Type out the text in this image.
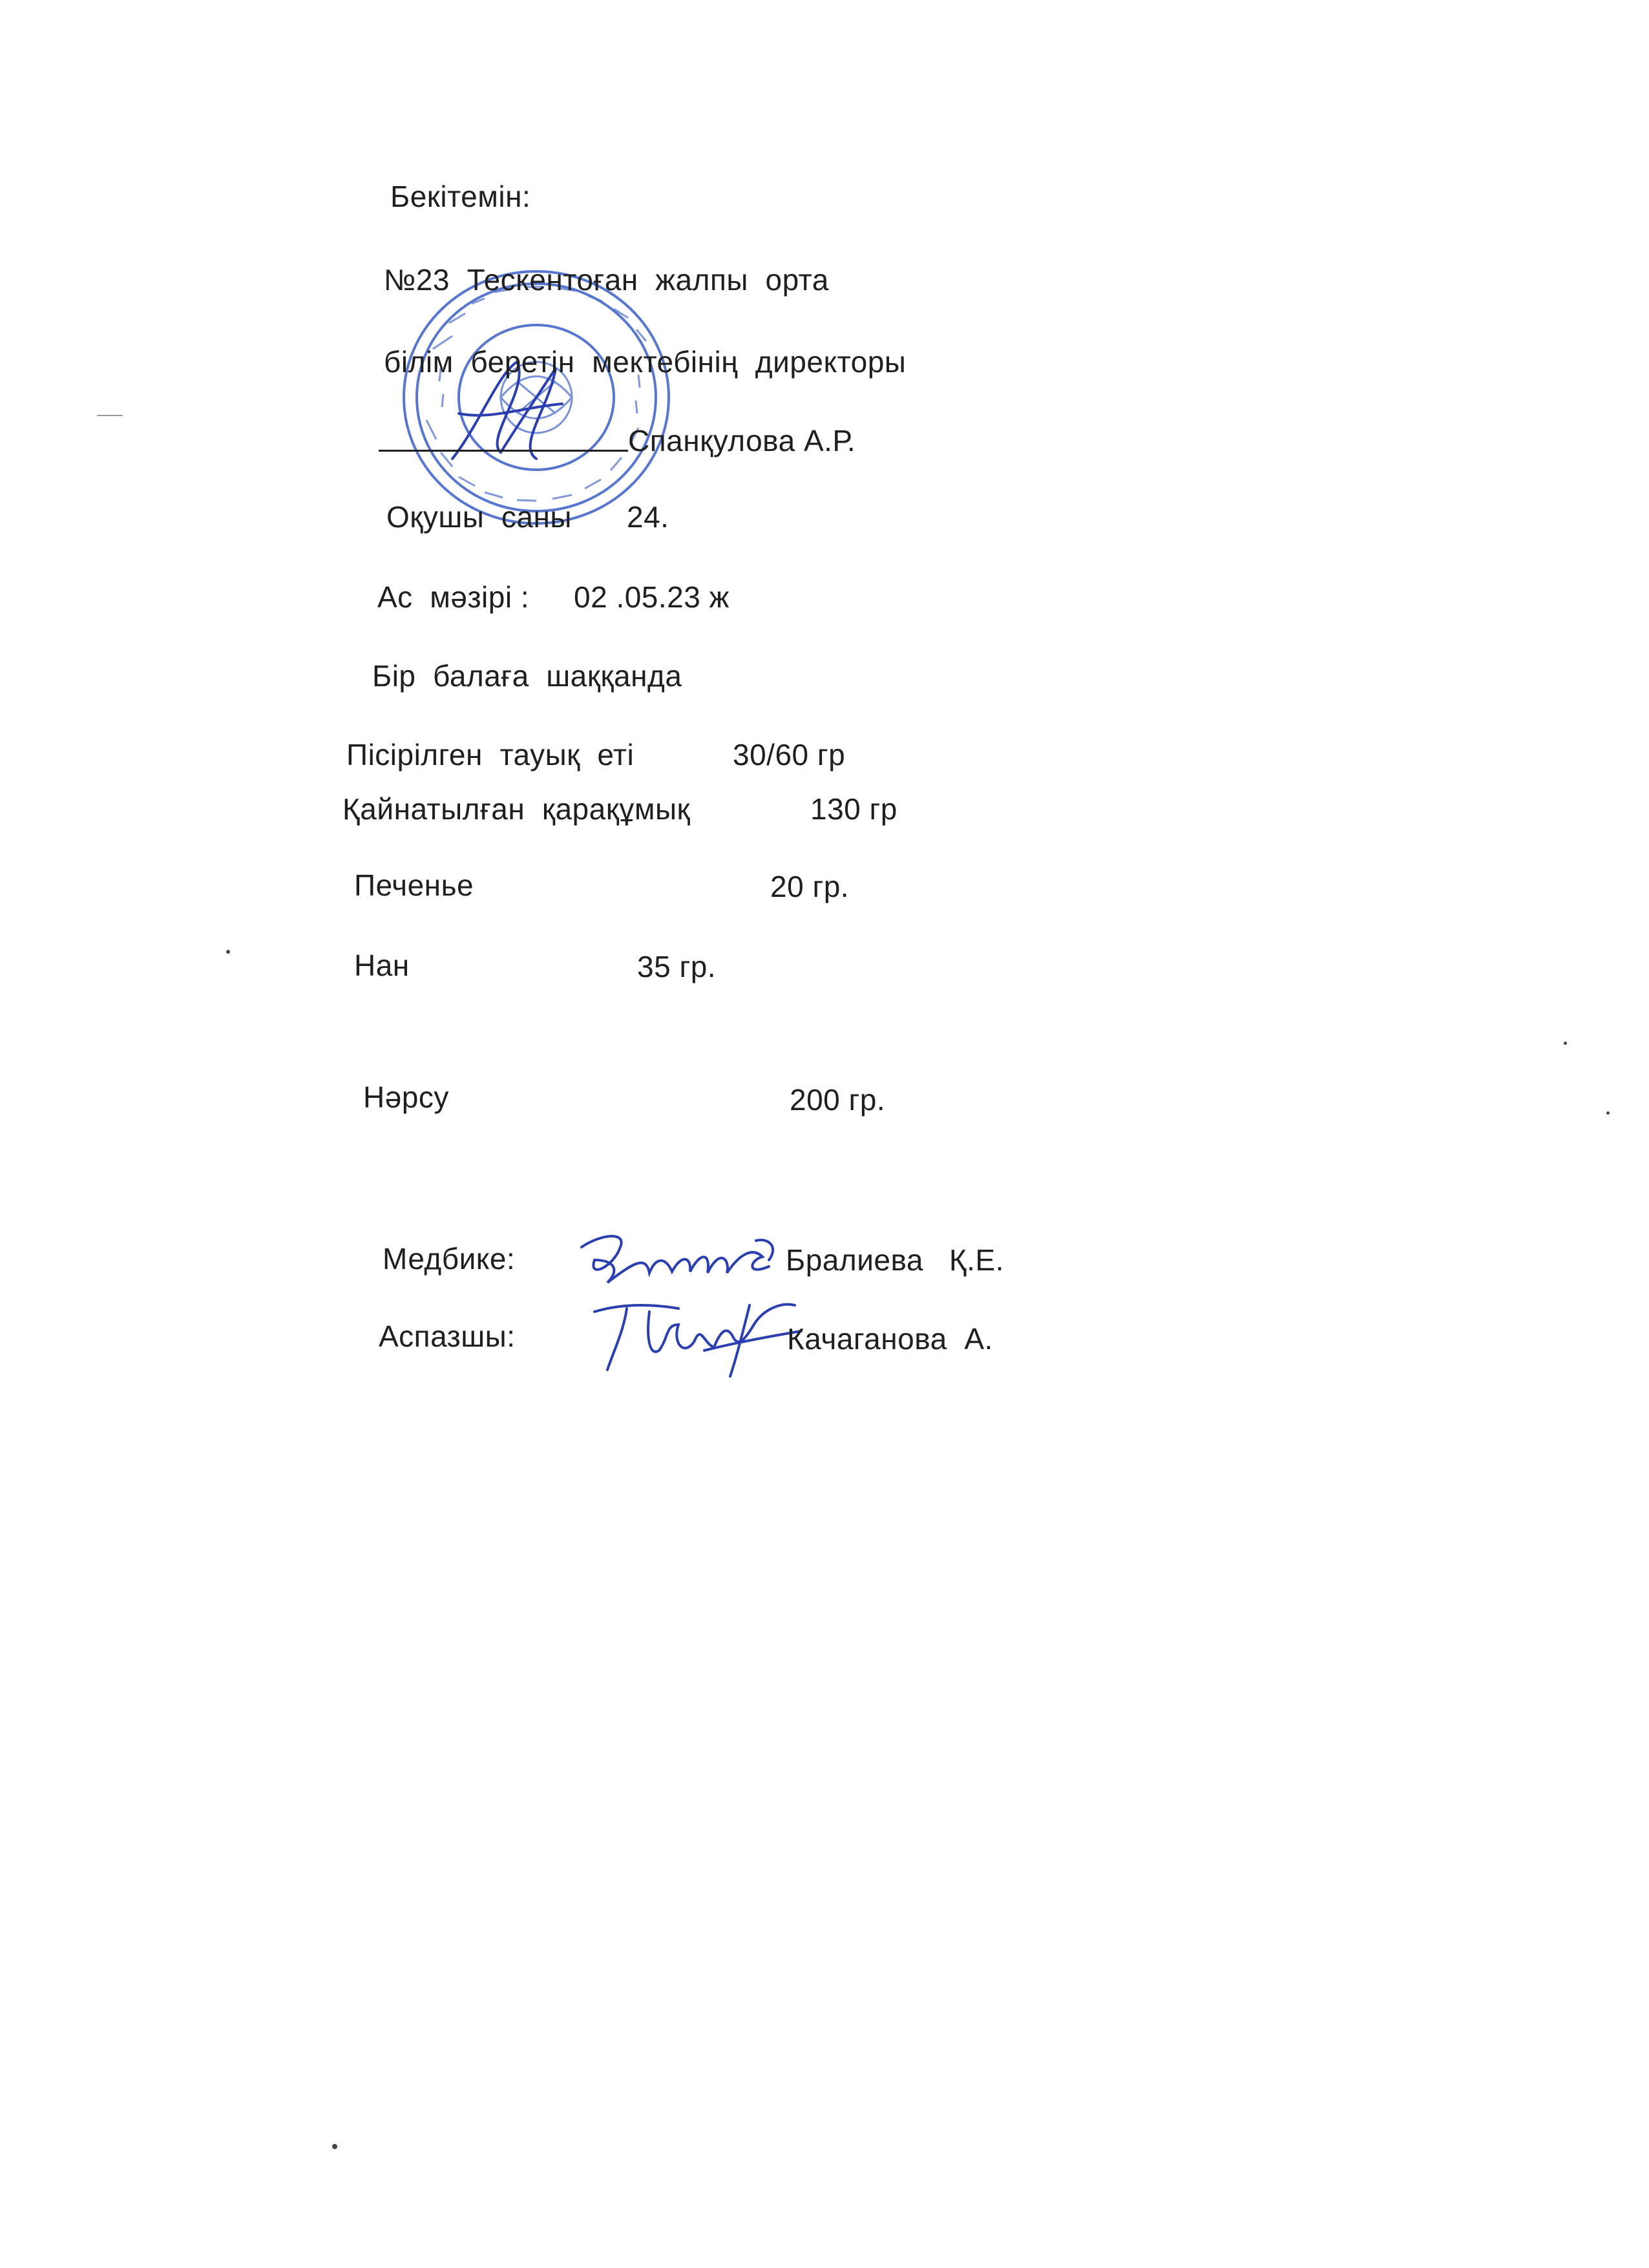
Бекітемін:
№23  Тескентоған  жалпы  орта
білім  беретін  мектебінің  директоры
Спанқулова А.Р.
Оқушы  саны 24.
Ас  мәзірі : 02 .05.23 ж
Бір  балаға  шаққанда
Пісірілген  тауық  еті	30/60 гр
Қайнатылған  қарақұмық	130 гр
Печенье	20 гр.
Нан	35 гр.
Нәрсу	200 гр.
Медбике:	Бралиева   Қ.Е.
Аспазшы:	Качаганова  А.
